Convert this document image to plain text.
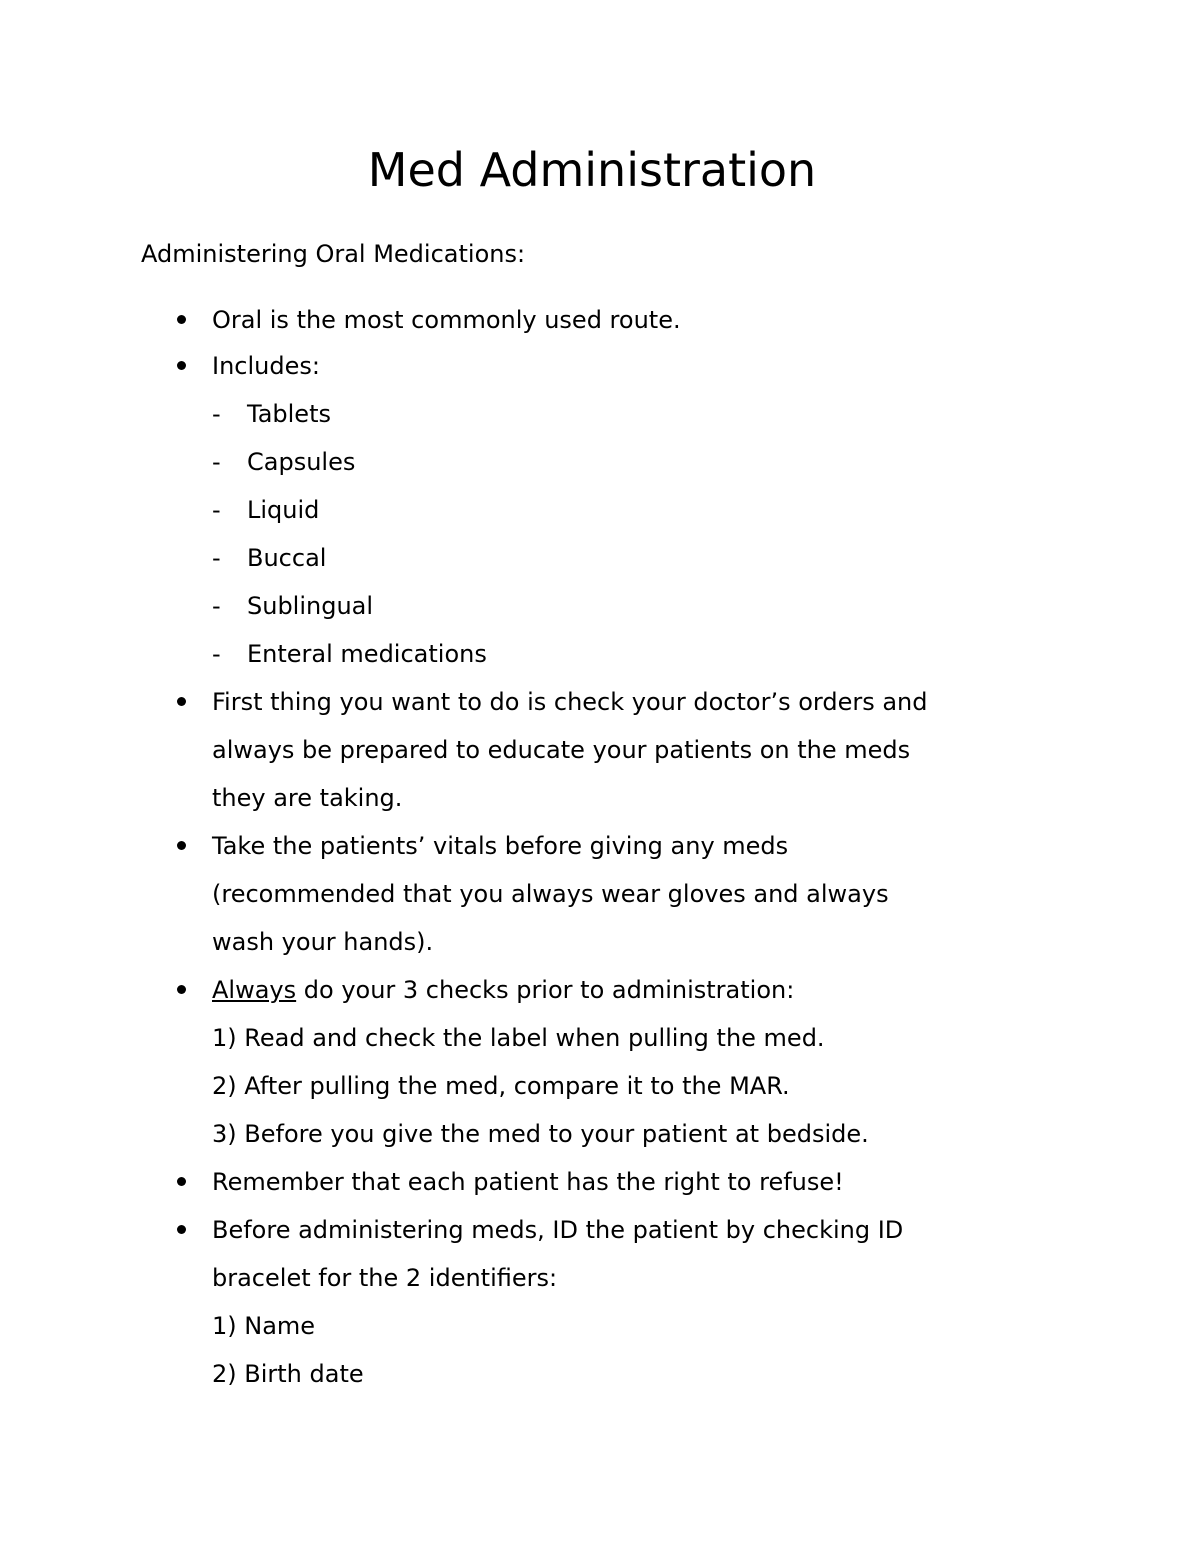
Med Administration

Administering Oral Medications:

Oral is the most commonly used route.
Includes:
- Tablets
- Capsules
- Liquid
- Buccal
- Sublingual
- Enteral medications
First thing you want to do is check your doctor’s orders and
always be prepared to educate your patients on the meds
they are taking.
Take the patients’ vitals before giving any meds
(recommended that you always wear gloves and always
wash your hands).
Always do your 3 checks prior to administration:
1) Read and check the label when pulling the med.
2) After pulling the med, compare it to the MAR.
3) Before you give the med to your patient at bedside.
Remember that each patient has the right to refuse!
Before administering meds, ID the patient by checking ID
bracelet for the 2 identifiers:
1) Name
2) Birth date
